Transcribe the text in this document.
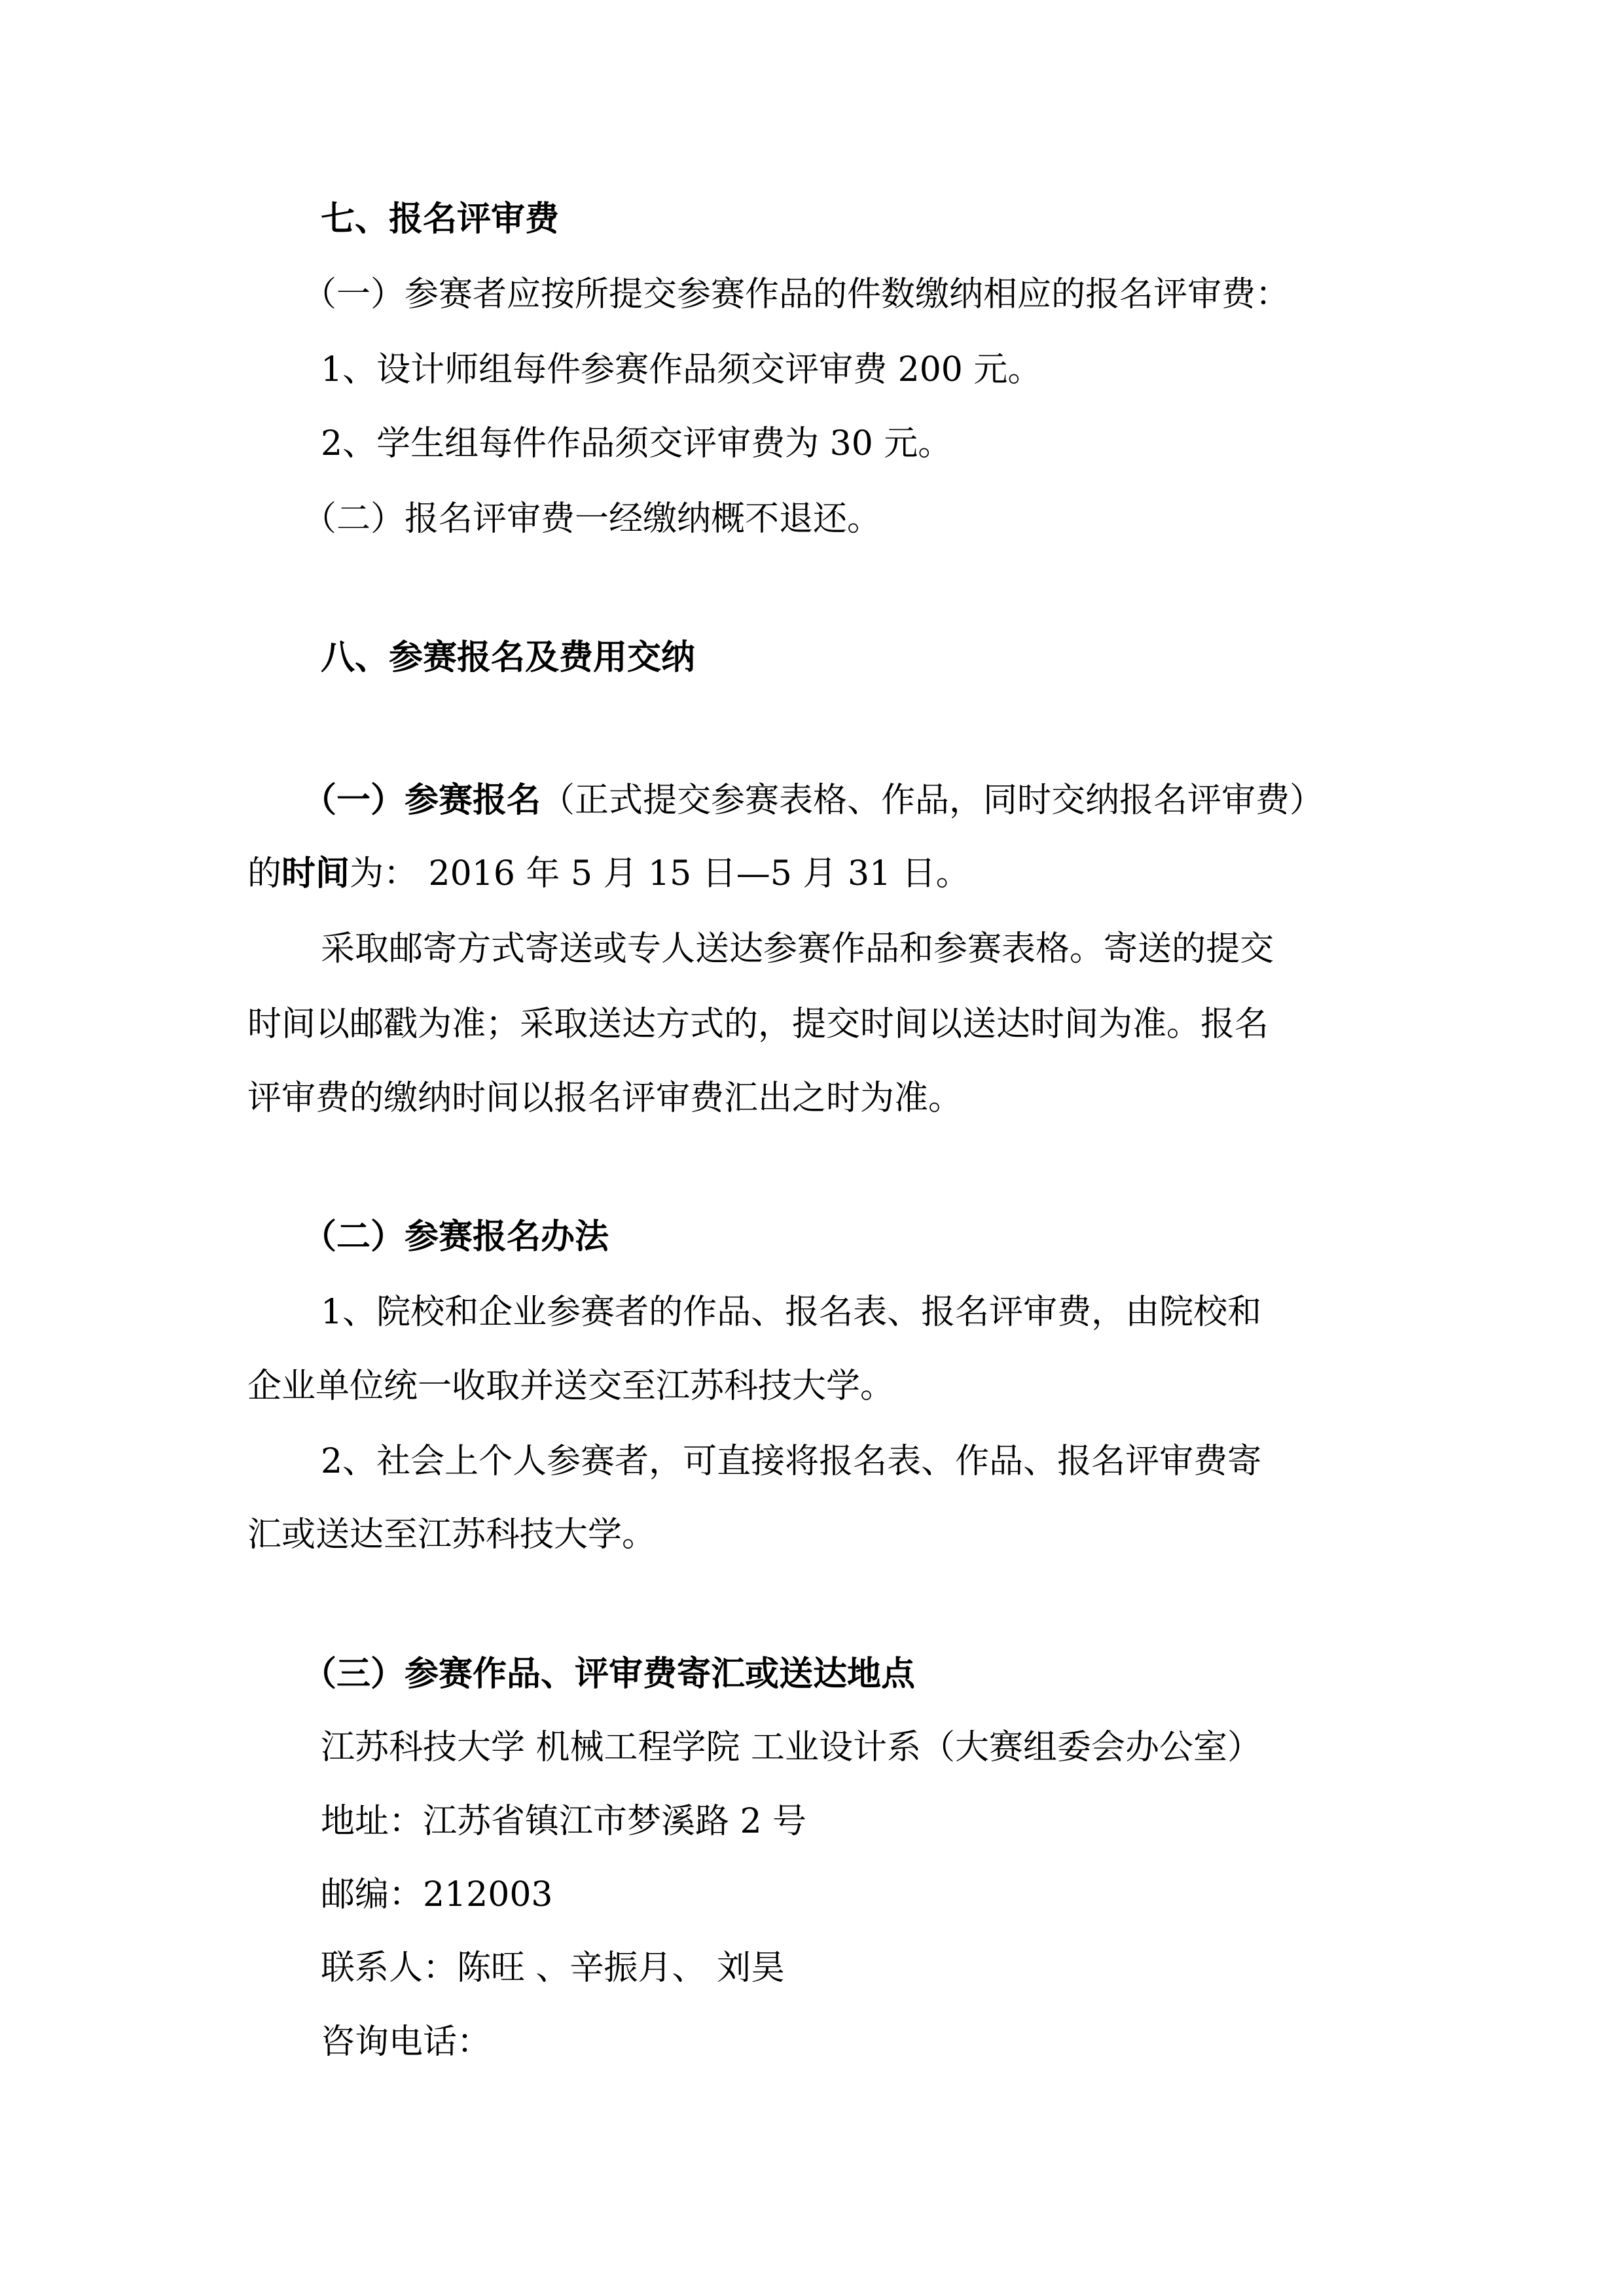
七、报名评审费
（一）参赛者应按所提交参赛作品的件数缴纳相应的报名评审费：
1、设计师组每件参赛作品须交评审费 200 元。
2、学生组每件作品须交评审费为 30 元。
（二）报名评审费一经缴纳概不退还。
八、参赛报名及费用交纳
（一）参赛报名（正式提交参赛表格、作品，同时交纳报名评审费）
的时间为： 2016 年 5 月 15 日—5 月 31 日。
采取邮寄方式寄送或专人送达参赛作品和参赛表格。寄送的提交
时间以邮戳为准；采取送达方式的，提交时间以送达时间为准。报名
评审费的缴纳时间以报名评审费汇出之时为准。
（二）参赛报名办法
1、院校和企业参赛者的作品、报名表、报名评审费，由院校和
企业单位统一收取并送交至江苏科技大学。
2、社会上个人参赛者，可直接将报名表、作品、报名评审费寄
汇或送达至江苏科技大学。
（三）参赛作品、评审费寄汇或送达地点
江苏科技大学 机械工程学院 工业设计系（大赛组委会办公室）
地址：江苏省镇江市梦溪路 2 号
邮编：212003
联系人：陈旺 、辛振月、 刘昊
咨询电话：
